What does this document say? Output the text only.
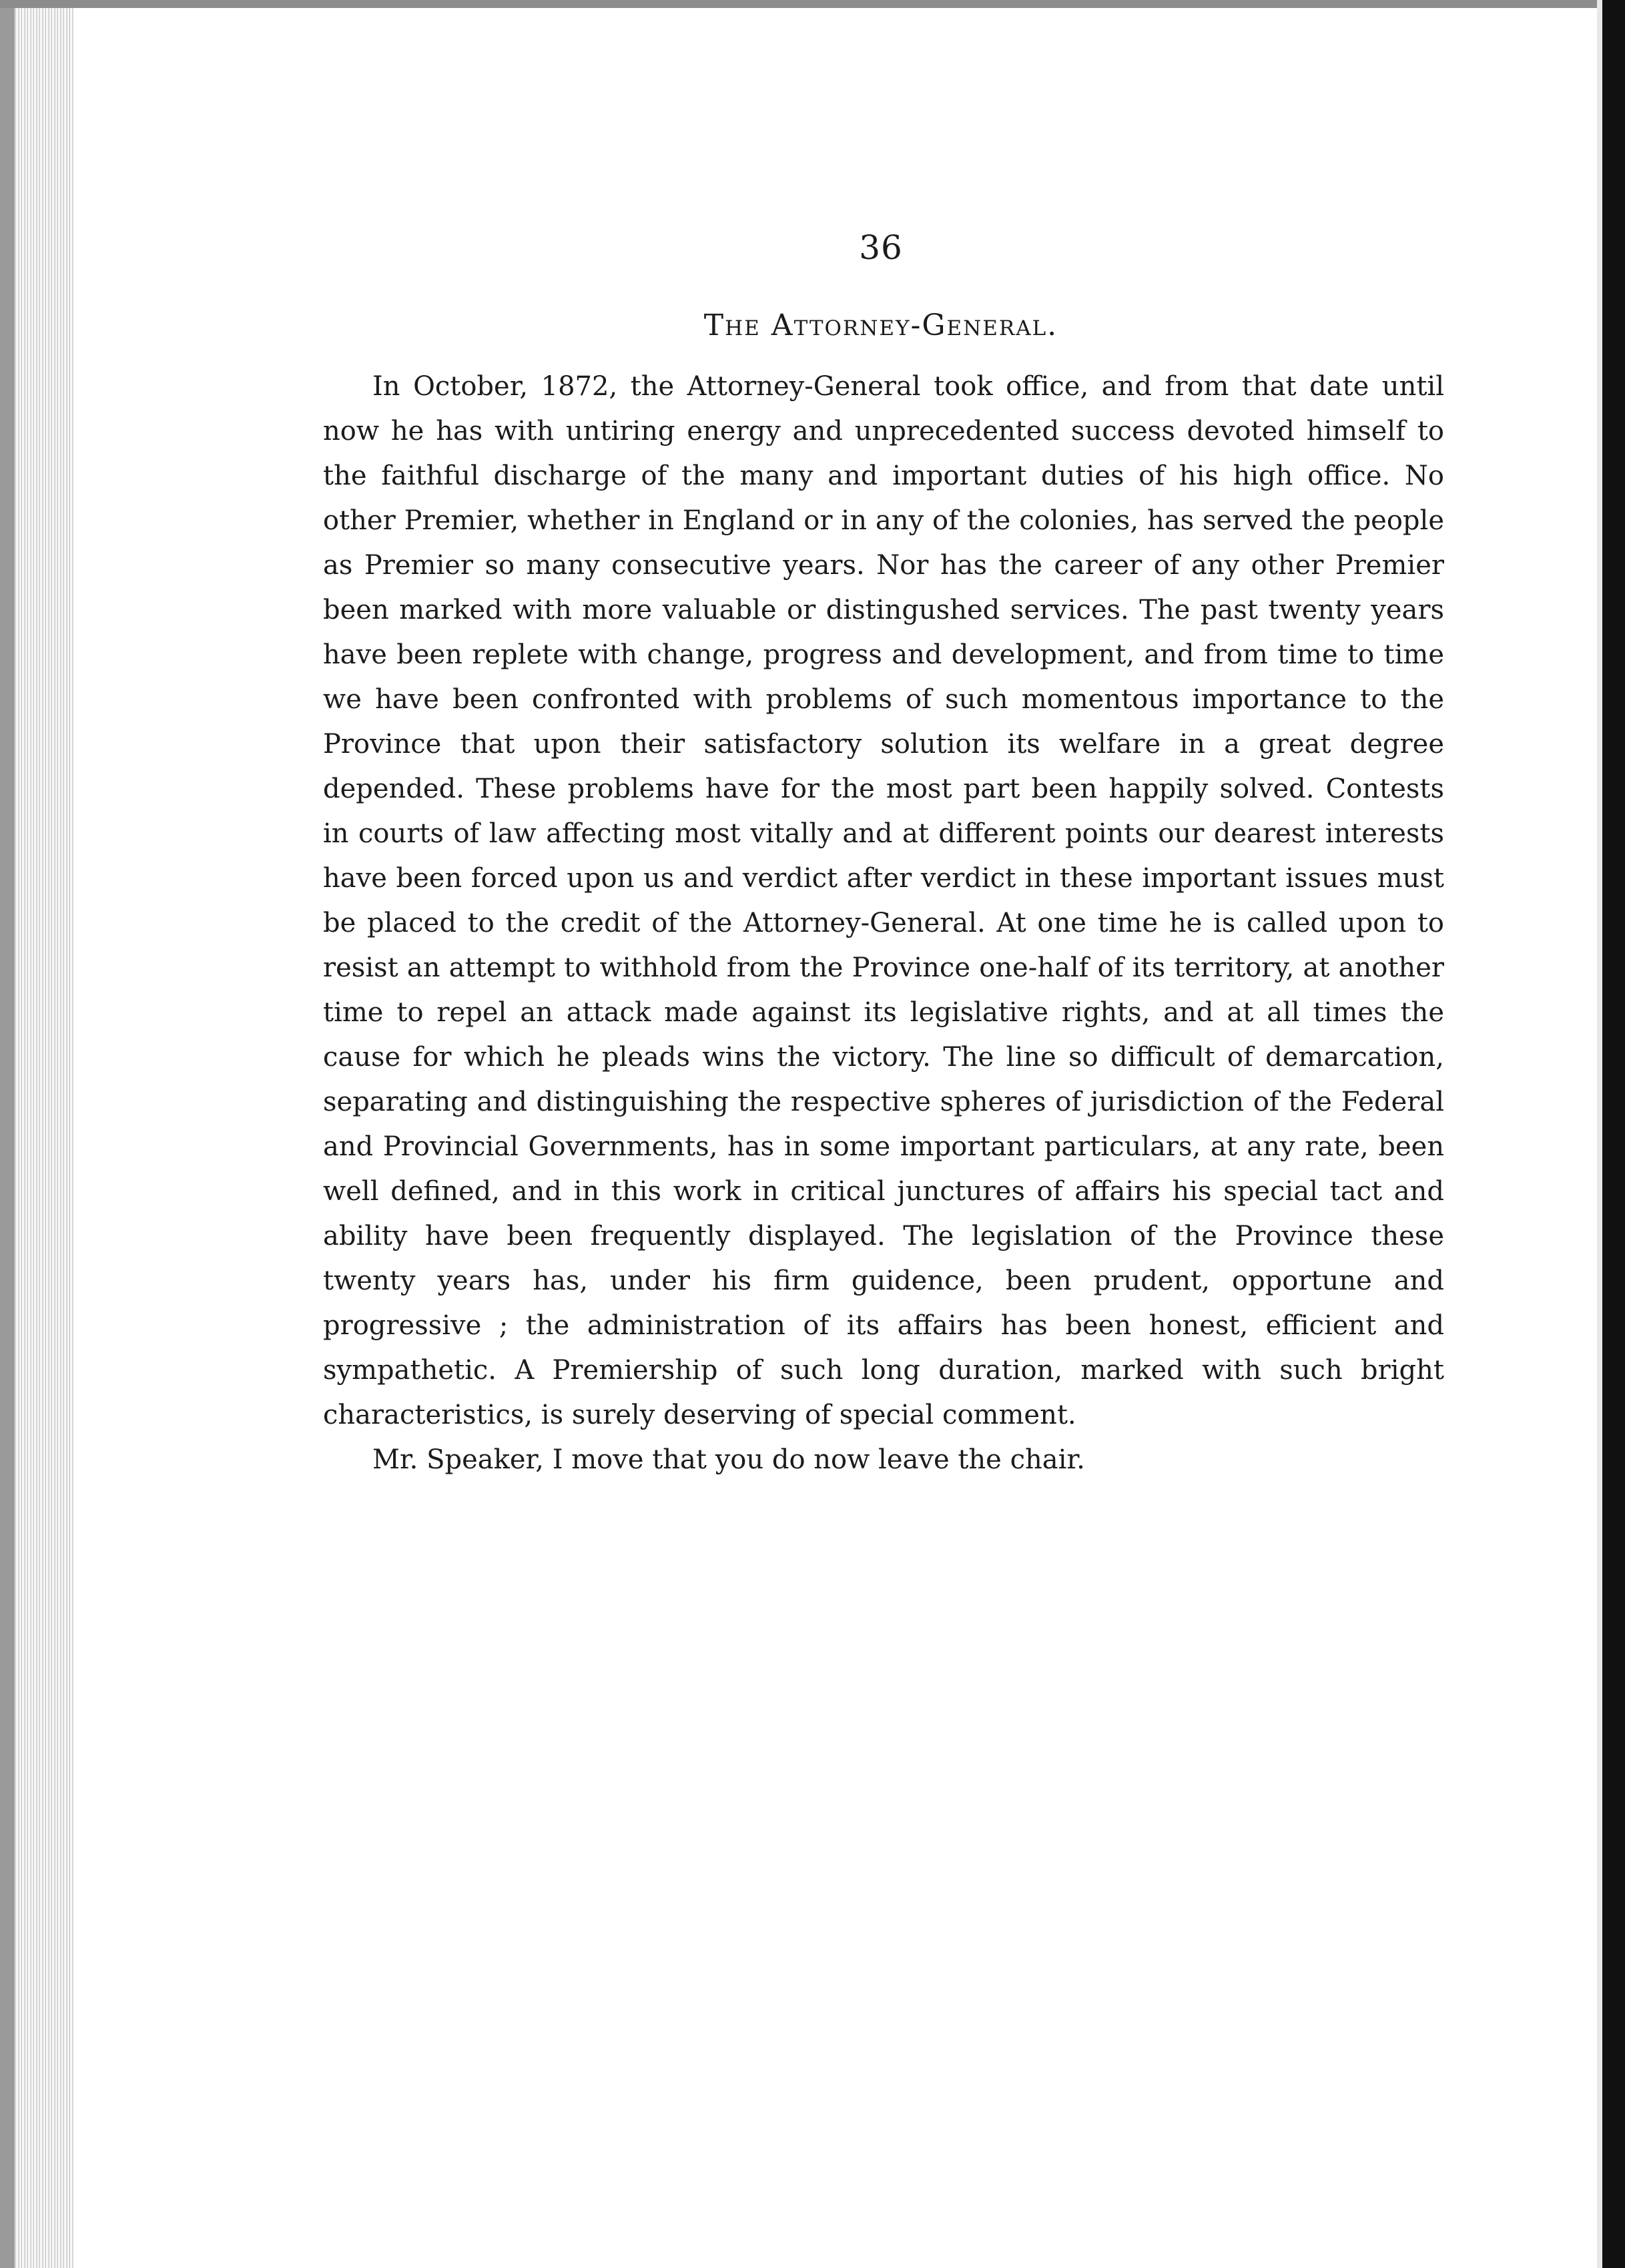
36
The Attorney-General.

In October, 1872, the Attorney-General took office, and from that date until now he has with untiring energy and unprecedented success devoted himself to the faithful discharge of the many and important duties of his high office. No other Premier, whether in England or in any of the colonies, has served the people as Premier so many consecutive years. Nor has the career of any other Premier been marked with more valuable or distingushed services. The past twenty years have been replete with change, progress and development, and from time to time we have been confronted with problems of such momentous importance to the Province that upon their satisfactory solution its welfare in a great degree depended. These problems have for the most part been happily solved. Contests in courts of law affecting most vitally and at different points our dearest interests have been forced upon us and verdict after verdict in these important issues must be placed to the credit of the Attorney-General. At one time he is called upon to resist an attempt to withhold from the Province one-half of its territory, at another time to repel an attack made against its legislative rights, and at all times the cause for which he pleads wins the victory. The line so difficult of demarcation, separating and distinguishing the respective spheres of jurisdiction of the Federal and Provincial Governments, has in some important particulars, at any rate, been well defined, and in this work in critical junctures of affairs his special tact and ability have been frequently displayed. The legislation of the Province these twenty years has, under his firm guidence, been prudent, opportune and progressive ; the administration of its affairs has been honest, efficient and sympathetic. A Premiership of such long duration, marked with such bright characteristics, is surely deserving of special comment.

Mr. Speaker, I move that you do now leave the chair.
